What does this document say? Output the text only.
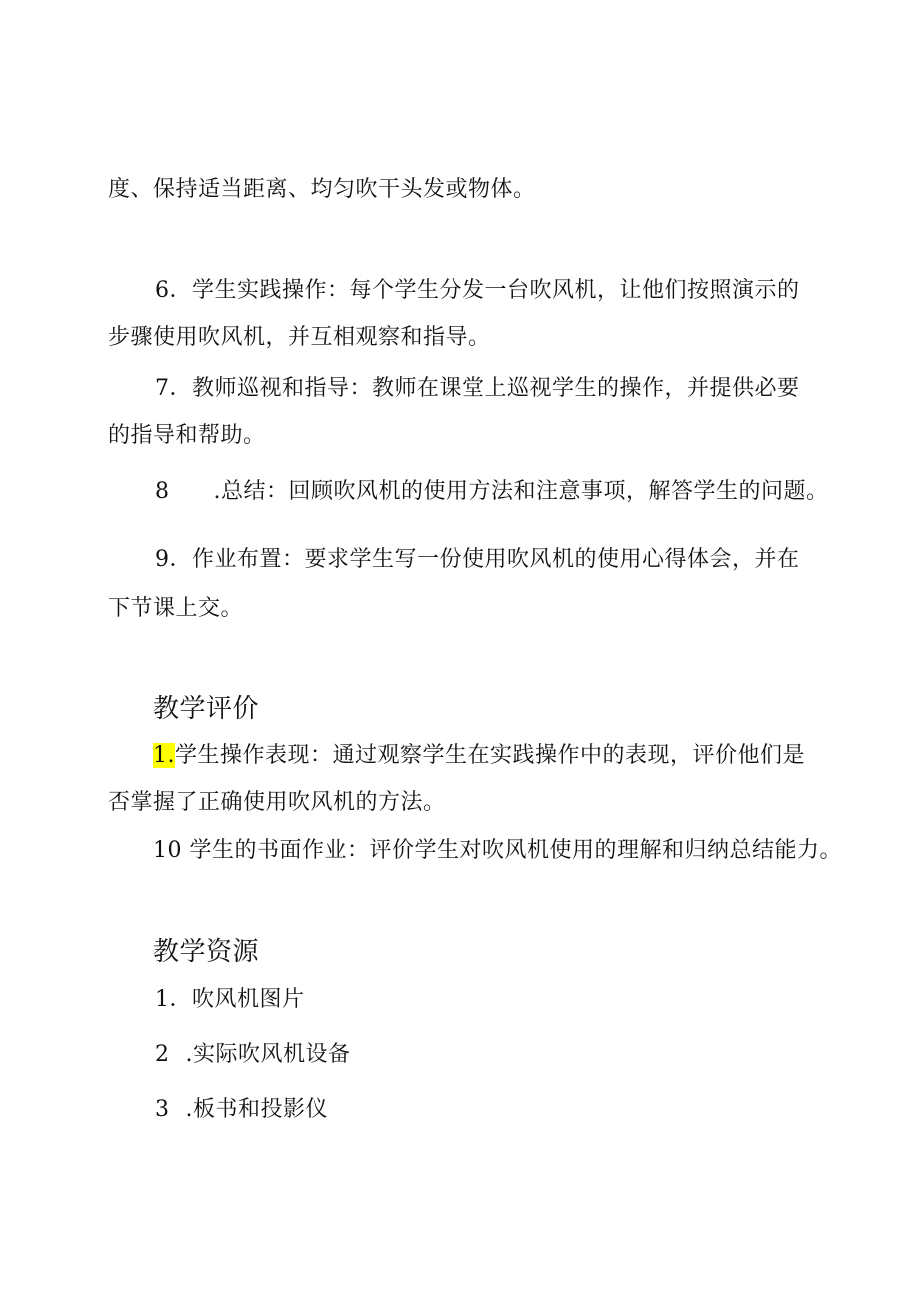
度、保持适当距离、均匀吹干头发或物体。
6．学生实践操作：每个学生分发一台吹风机，让他们按照演示的
步骤使用吹风机，并互相观察和指导。
7．教师巡视和指导：教师在课堂上巡视学生的操作，并提供必要
的指导和帮助。
8 .总结：回顾吹风机的使用方法和注意事项，解答学生的问题。
9．作业布置：要求学生写一份使用吹风机的使用心得体会，并在
下节课上交。
教学评价
1.学生操作表现：通过观察学生在实践操作中的表现，评价他们是
否掌握了正确使用吹风机的方法。
10 学生的书面作业：评价学生对吹风机使用的理解和归纳总结能力。
教学资源
1．吹风机图片
2 .实际吹风机设备
3 .板书和投影仪
